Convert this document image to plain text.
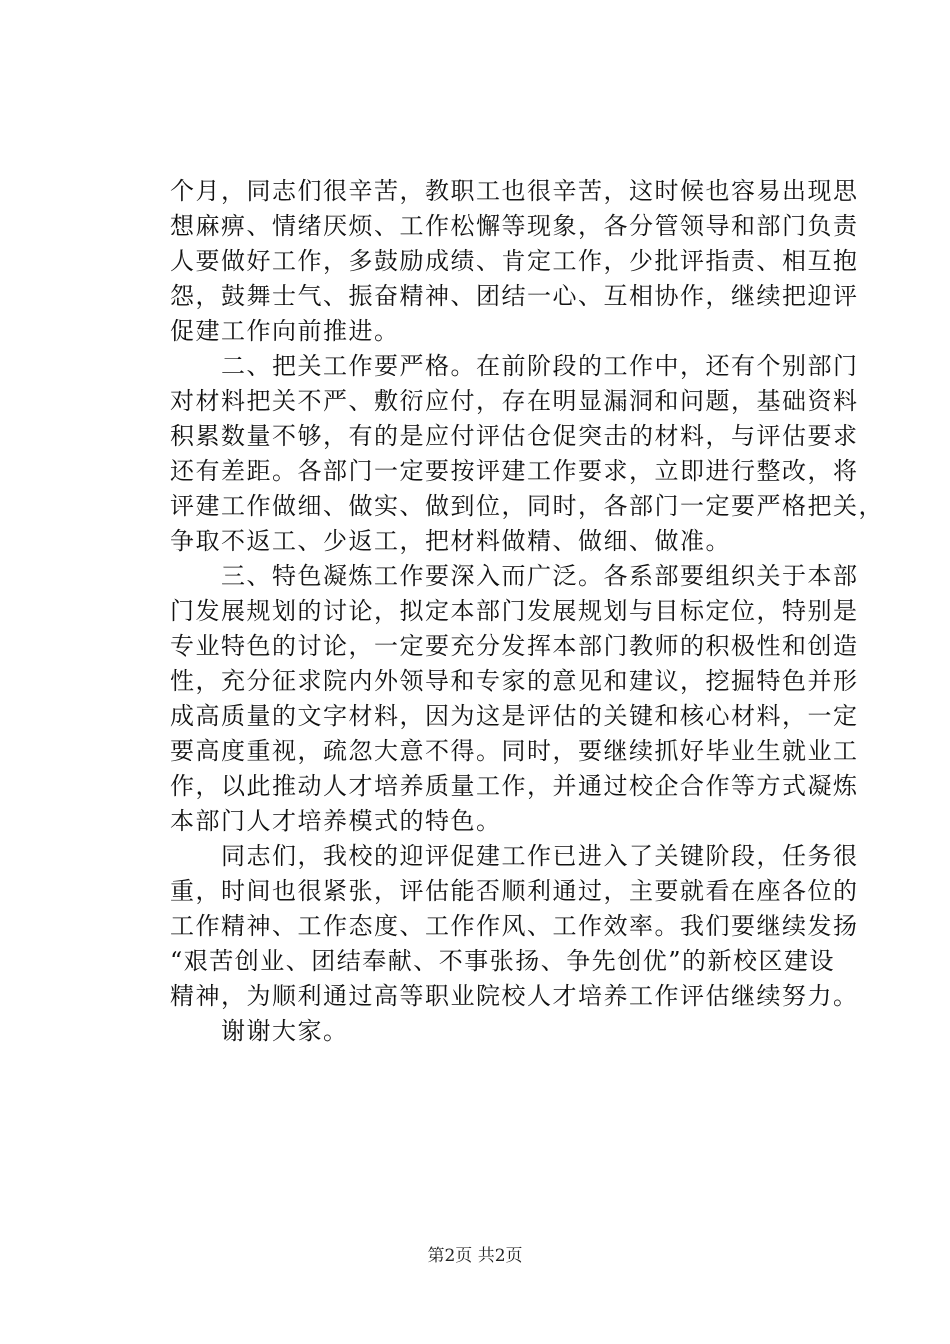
个月，同志们很辛苦，教职工也很辛苦，这时候也容易出现思
想麻痹、情绪厌烦、工作松懈等现象，各分管领导和部门负责
人要做好工作，多鼓励成绩、肯定工作，少批评指责、相互抱
怨，鼓舞士气、振奋精神、团结一心、互相协作，继续把迎评
促建工作向前推进。
　　二、把关工作要严格。在前阶段的工作中，还有个别部门
对材料把关不严、敷衍应付，存在明显漏洞和问题，基础资料
积累数量不够，有的是应付评估仓促突击的材料，与评估要求
还有差距。各部门一定要按评建工作要求，立即进行整改，将
评建工作做细、做实、做到位，同时，各部门一定要严格把关，
争取不返工、少返工，把材料做精、做细、做准。
　　三、特色凝炼工作要深入而广泛。各系部要组织关于本部
门发展规划的讨论，拟定本部门发展规划与目标定位，特别是
专业特色的讨论，一定要充分发挥本部门教师的积极性和创造
性，充分征求院内外领导和专家的意见和建议，挖掘特色并形
成高质量的文字材料，因为这是评估的关键和核心材料，一定
要高度重视，疏忽大意不得。同时，要继续抓好毕业生就业工
作，以此推动人才培养质量工作，并通过校企合作等方式凝炼
本部门人才培养模式的特色。
　　同志们，我校的迎评促建工作已进入了关键阶段，任务很
重，时间也很紧张，评估能否顺利通过，主要就看在座各位的
工作精神、工作态度、工作作风、工作效率。我们要继续发扬
“艰苦创业、团结奉献、不事张扬、争先创优”的新校区建设
精神，为顺利通过高等职业院校人才培养工作评估继续努力。
　　谢谢大家。
第2页 共2页
